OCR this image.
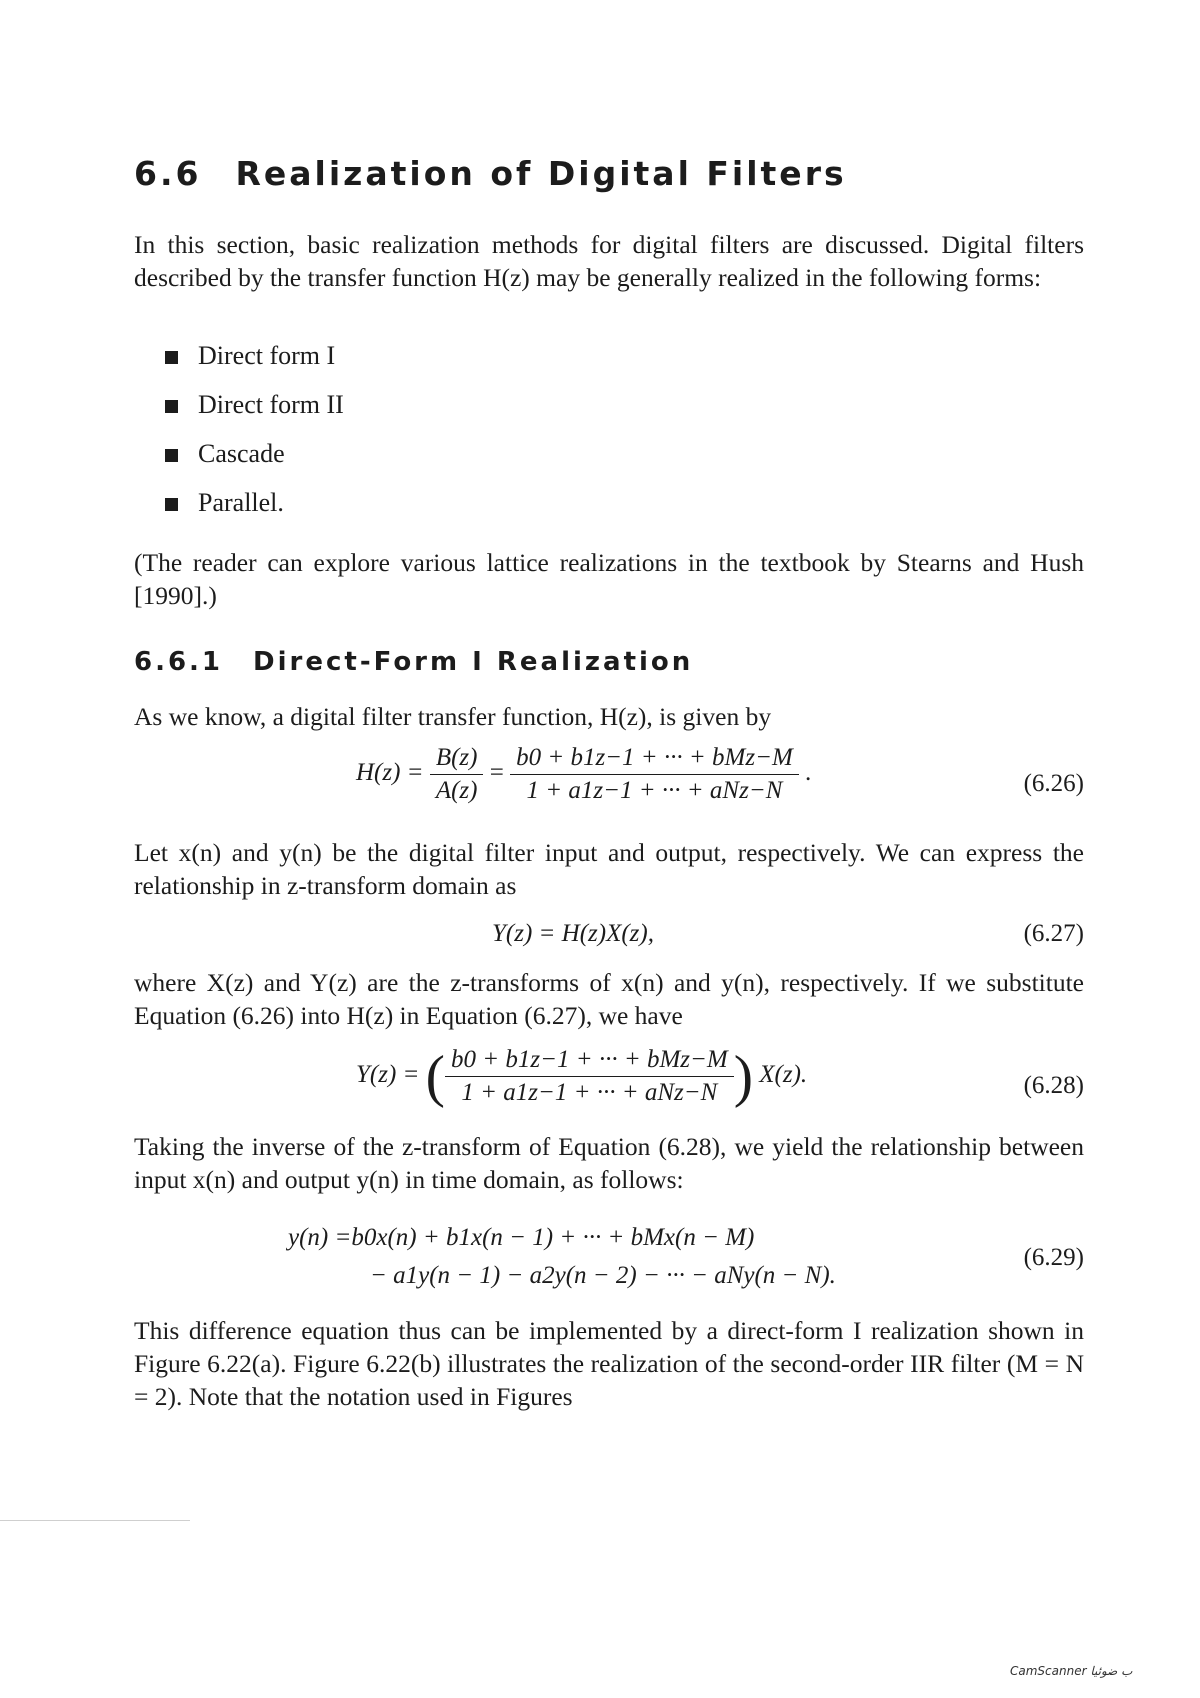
6.6 Realization of Digital Filters

In this section, basic realization methods for digital filters are discussed. Digital filters described by the transfer function H(z) may be generally realized in the following forms:

Direct form I
Direct form II
Cascade
Parallel.

(The reader can explore various lattice realizations in the textbook by Stearns and Hush [1990].)

6.6.1 Direct-Form I Realization

As we know, a digital filter transfer function, H(z), is given by

$H(z) = \frac{B(z)}{A(z)} = \frac{\text{b0 + b1z−1 + ··· + bMz−M}}{\text{1 + a1z−1 + ··· + aNz−N}}$ .	(6.26)

Let x(n) and y(n) be the digital filter input and output, respectively. We can express the relationship in z-transform domain as

Y(z) = H(z)X(z),	(6.27)

where X(z) and Y(z) are the z-transforms of x(n) and y(n), respectively. If we substitute Equation (6.26) into H(z) in Equation (6.27), we have

Y(z) = ( $\frac{\text{b0 + b1z−1 + ··· + bMz−M}}{\text{1 + a1z−1 + ··· + aNz−N}}$ ) X(z).	(6.28)

Taking the inverse of the z-transform of Equation (6.28), we yield the relationship between input x(n) and output y(n) in time domain, as follows:

y(n) =b0x(n) + b1x(n − 1) + ··· + bMx(n − M)
− a1y(n − 1) − a2y(n − 2) − ··· − aNy(n − N).
(6.29)

This difference equation thus can be implemented by a direct-form I realization shown in Figure 6.22(a). Figure 6.22(b) illustrates the realization of the second-order IIR filter (M = N = 2). Note that the notation used in Figures

CamScanner ب ضوئيا
